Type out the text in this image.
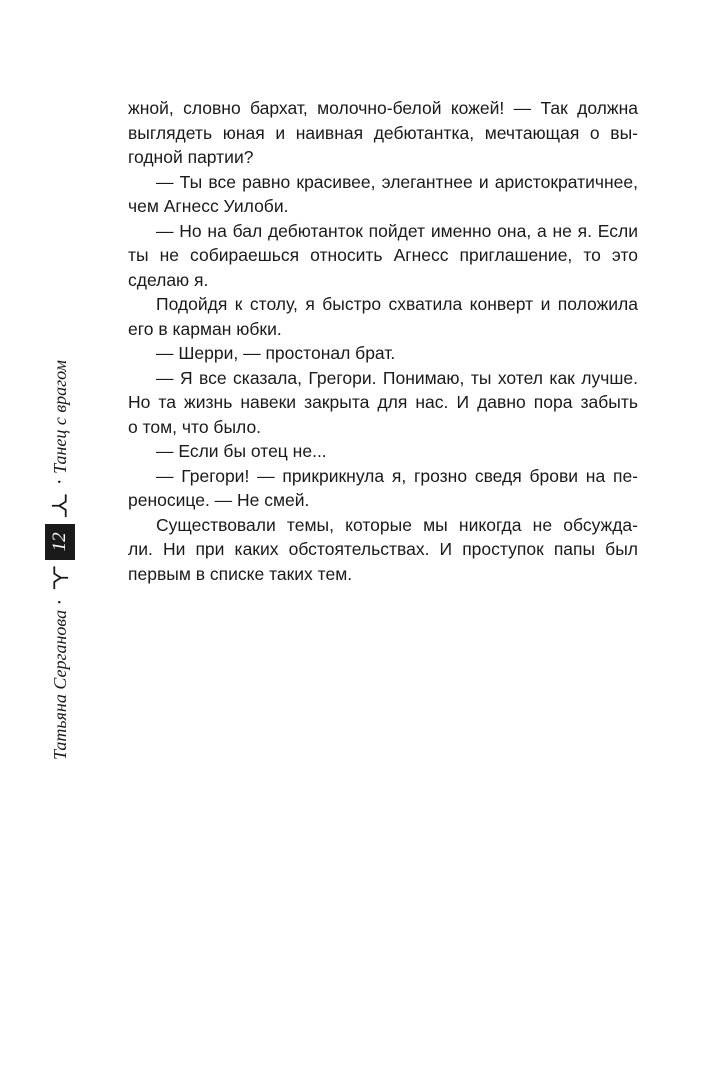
жной, словно бархат, молочно-белой кожей! — Так должна
выглядеть юная и наивная дебютантка, мечтающая о вы-
годной партии?
— Ты все равно красивее, элегантнее и аристократичнее,
чем Агнесс Уилоби.
— Но на бал дебютанток пойдет именно она, а не я. Если
ты не собираешься относить Агнесс приглашение, то это
сделаю я.
Подойдя к столу, я быстро схватила конверт и положила
его в карман юбки.
— Шерри, — простонал брат.
— Я все сказала, Грегори. Понимаю, ты хотел как лучше.
Но та жизнь навеки закрыта для нас. И давно пора забыть
о том, что было.
— Если бы отец не...
— Грегори! — прикрикнула я, грозно сведя брови на пе-
реносице. — Не смей.
Существовали темы, которые мы никогда не обсужда-
ли. Ни при каких обстоятельствах. И проступок папы был
первым в списке таких тем.
Татьяна Серганова
•
12
•
Танец с врагом
